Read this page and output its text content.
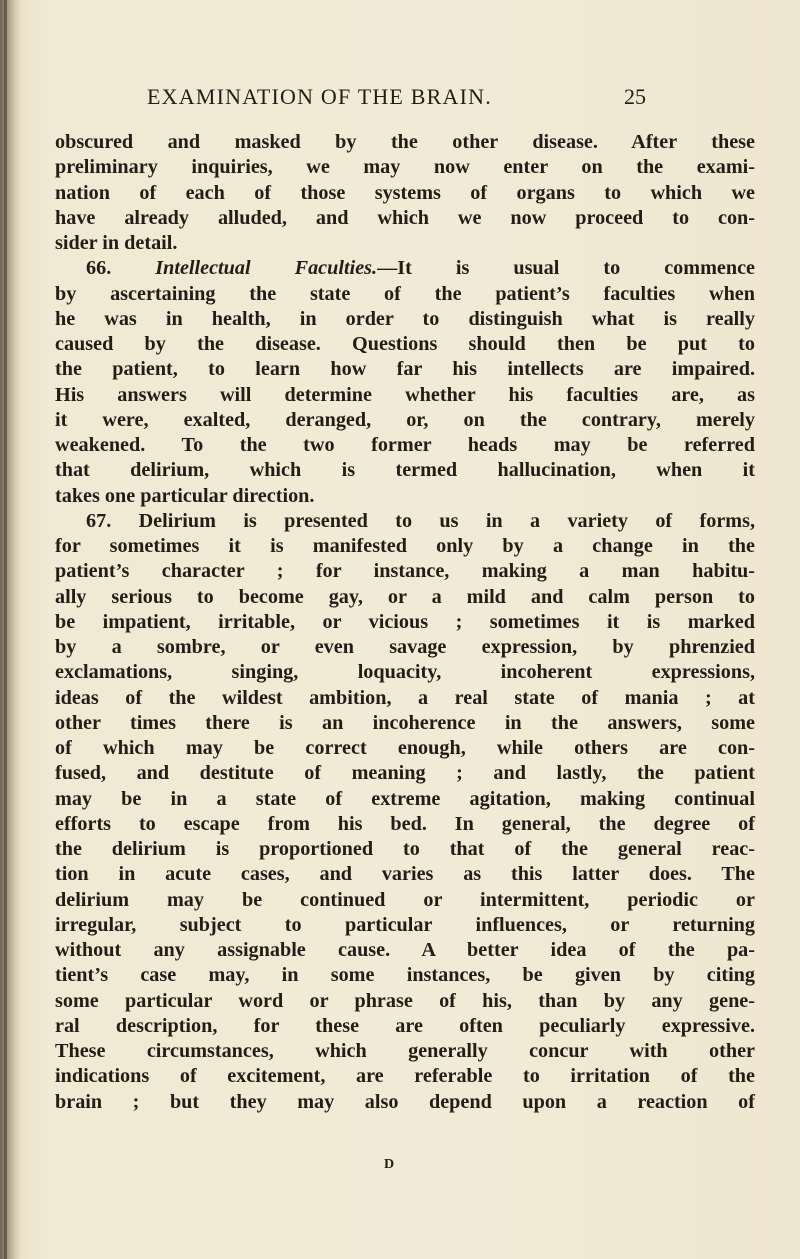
EXAMINATION OF THE BRAIN.	25
obscured and masked by the other disease. After these
preliminary inquiries, we may now enter on the exami-
nation of each of those systems of organs to which we
have already alluded, and which we now proceed to con-
sider in detail.
66. Intellectual Faculties.—It is usual to commence
by ascertaining the state of the patient’s faculties when
he was in health, in order to distinguish what is really
caused by the disease. Questions should then be put to
the patient, to learn how far his intellects are impaired.
His answers will determine whether his faculties are, as
it were, exalted, deranged, or, on the contrary, merely
weakened. To the two former heads may be referred
that delirium, which is termed hallucination, when it
takes one particular direction.
67. Delirium is presented to us in a variety of forms,
for sometimes it is manifested only by a change in the
patient’s character ; for instance, making a man habitu-
ally serious to become gay, or a mild and calm person to
be impatient, irritable, or vicious ; sometimes it is marked
by a sombre, or even savage expression, by phrenzied
exclamations, singing, loquacity, incoherent expressions,
ideas of the wildest ambition, a real state of mania ; at
other times there is an incoherence in the answers, some
of which may be correct enough, while others are con-
fused, and destitute of meaning ; and lastly, the patient
may be in a state of extreme agitation, making continual
efforts to escape from his bed. In general, the degree of
the delirium is proportioned to that of the general reac-
tion in acute cases, and varies as this latter does. The
delirium may be continued or intermittent, periodic or
irregular, subject to particular influences, or returning
without any assignable cause. A better idea of the pa-
tient’s case may, in some instances, be given by citing
some particular word or phrase of his, than by any gene-
ral description, for these are often peculiarly expressive.
These circumstances, which generally concur with other
indications of excitement, are referable to irritation of the
brain ; but they may also depend upon a reaction of
D
